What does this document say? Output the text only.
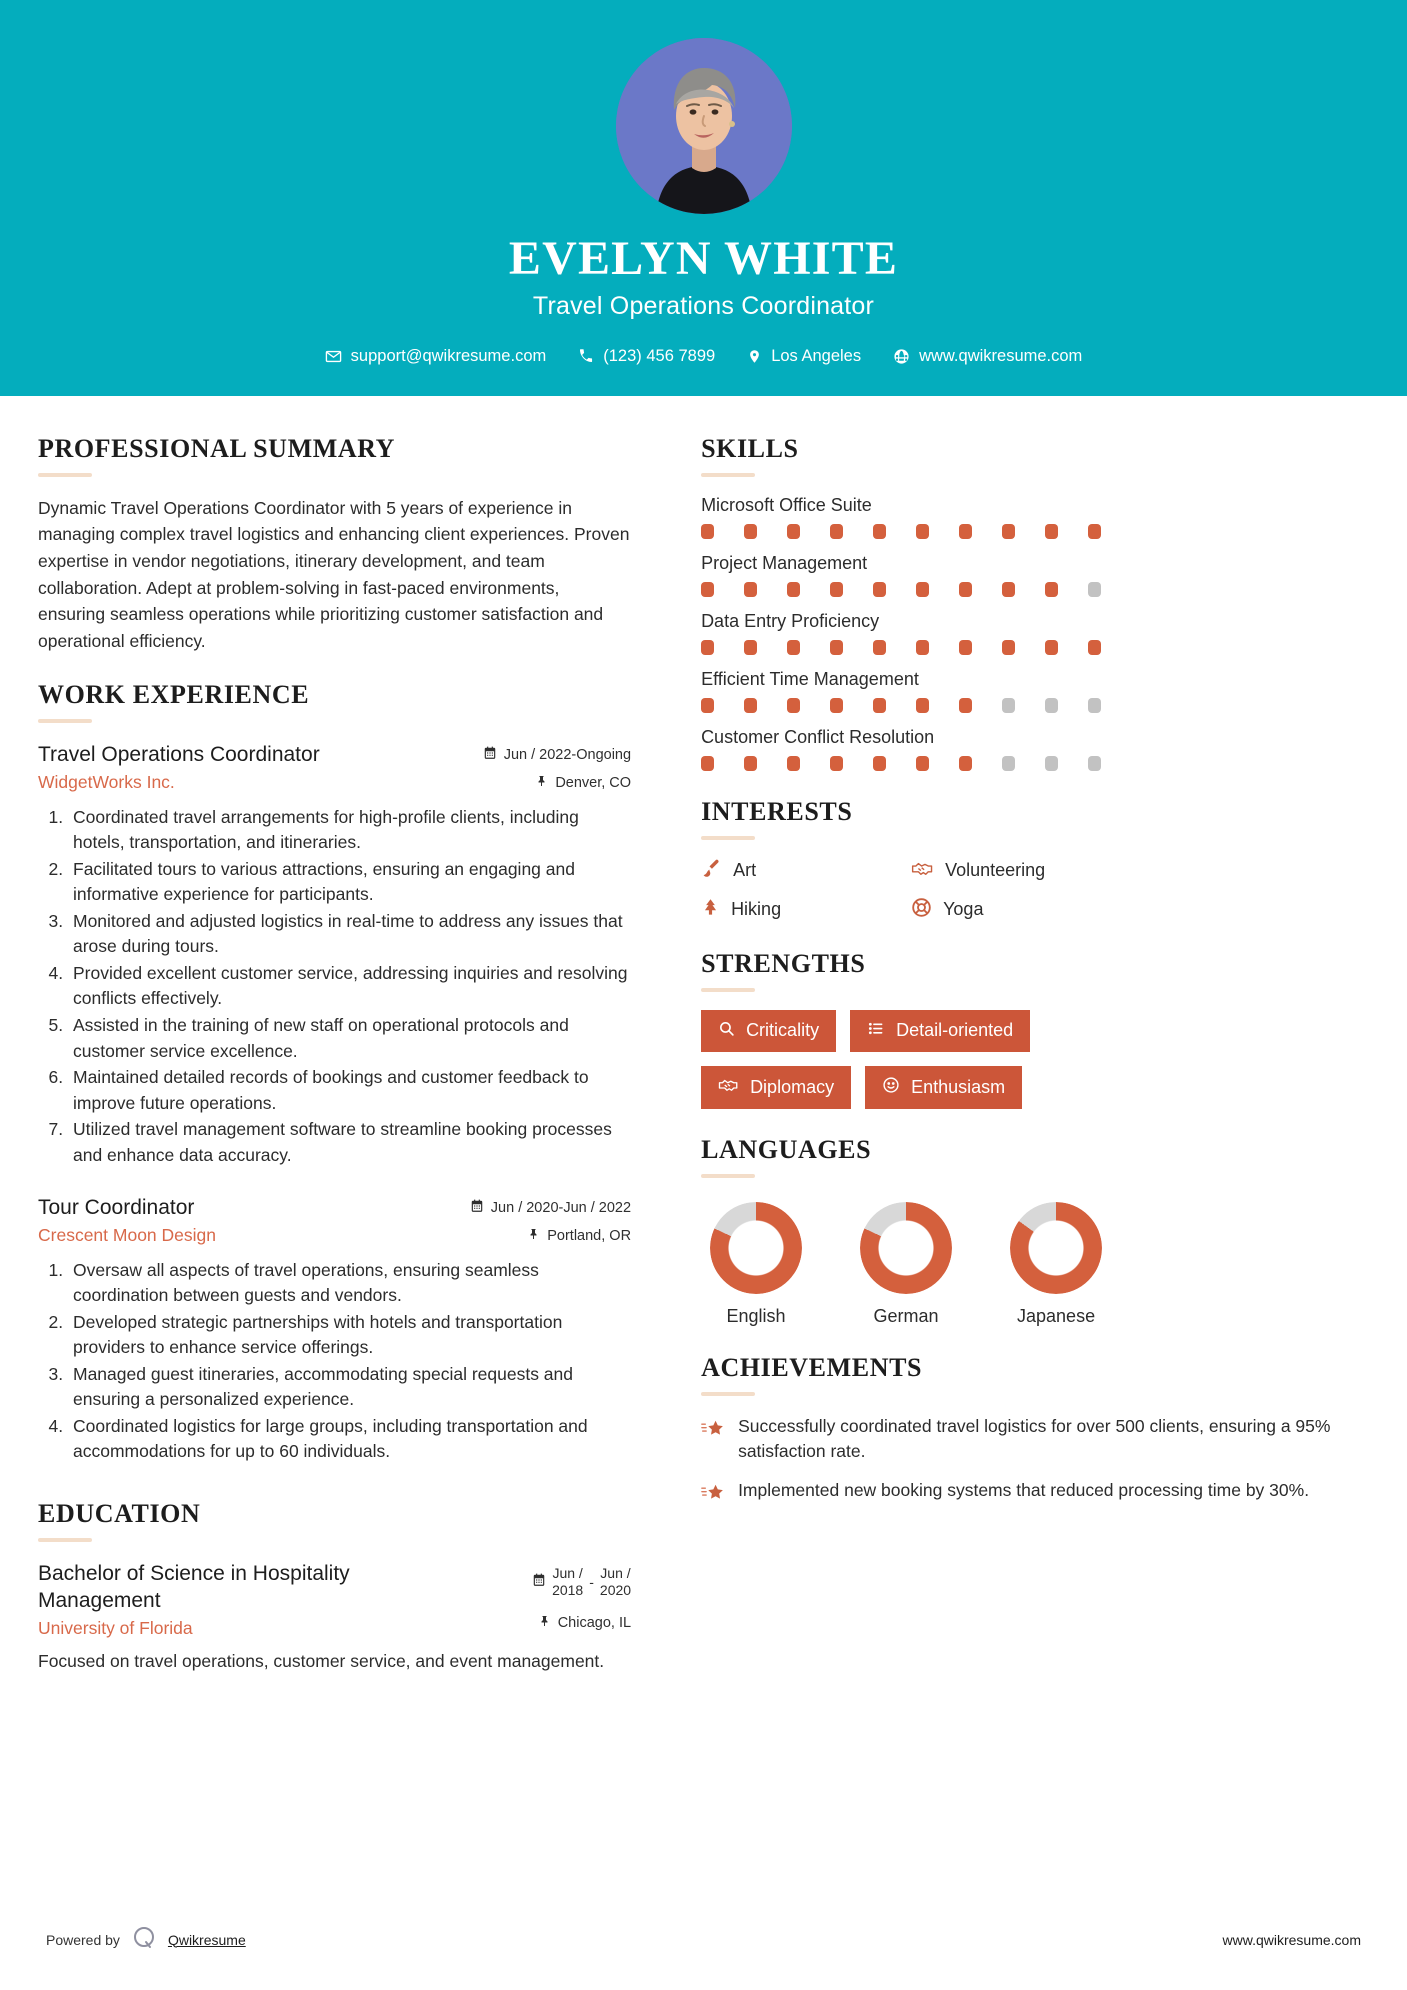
EVELYN WHITE
Travel Operations Coordinator
support@qwikresume.com	(123) 456 7899	Los Angeles	www.qwikresume.com
PROFESSIONAL SUMMARY
Dynamic Travel Operations Coordinator with 5 years of experience in managing complex travel logistics and enhancing client experiences. Proven expertise in vendor negotiations, itinerary development, and team collaboration. Adept at problem-solving in fast-paced environments, ensuring seamless operations while prioritizing customer satisfaction and operational efficiency.
WORK EXPERIENCE
Travel Operations Coordinator
WidgetWorks Inc.
Jun / 2022-Ongoing
Denver, CO
1. Coordinated travel arrangements for high-profile clients, including hotels, transportation, and itineraries.
2. Facilitated tours to various attractions, ensuring an engaging and informative experience for participants.
3. Monitored and adjusted logistics in real-time to address any issues that arose during tours.
4. Provided excellent customer service, addressing inquiries and resolving conflicts effectively.
5. Assisted in the training of new staff on operational protocols and customer service excellence.
6. Maintained detailed records of bookings and customer feedback to improve future operations.
7. Utilized travel management software to streamline booking processes and enhance data accuracy.
Tour Coordinator
Crescent Moon Design
Jun / 2020-Jun / 2022
Portland, OR
1. Oversaw all aspects of travel operations, ensuring seamless coordination between guests and vendors.
2. Developed strategic partnerships with hotels and transportation providers to enhance service offerings.
3. Managed guest itineraries, accommodating special requests and ensuring a personalized experience.
4. Coordinated logistics for large groups, including transportation and accommodations for up to 60 individuals.
EDUCATION
Bachelor of Science in Hospitality Management
University of Florida
Jun /
2018
-
Jun /
2020
Chicago, IL
Focused on travel operations, customer service, and event management.
SKILLS
Microsoft Office Suite
Project Management
Data Entry Proficiency
Efficient Time Management
Customer Conflict Resolution
INTERESTS
Art	Volunteering
Hiking	Yoga
STRENGTHS
Criticality	Detail-oriented
Diplomacy	Enthusiasm
LANGUAGES
English	German	Japanese
ACHIEVEMENTS
Successfully coordinated travel logistics for over 500 clients, ensuring a 95% satisfaction rate.
Implemented new booking systems that reduced processing time by 30%.
Powered by	Qwikresume	www.qwikresume.com
